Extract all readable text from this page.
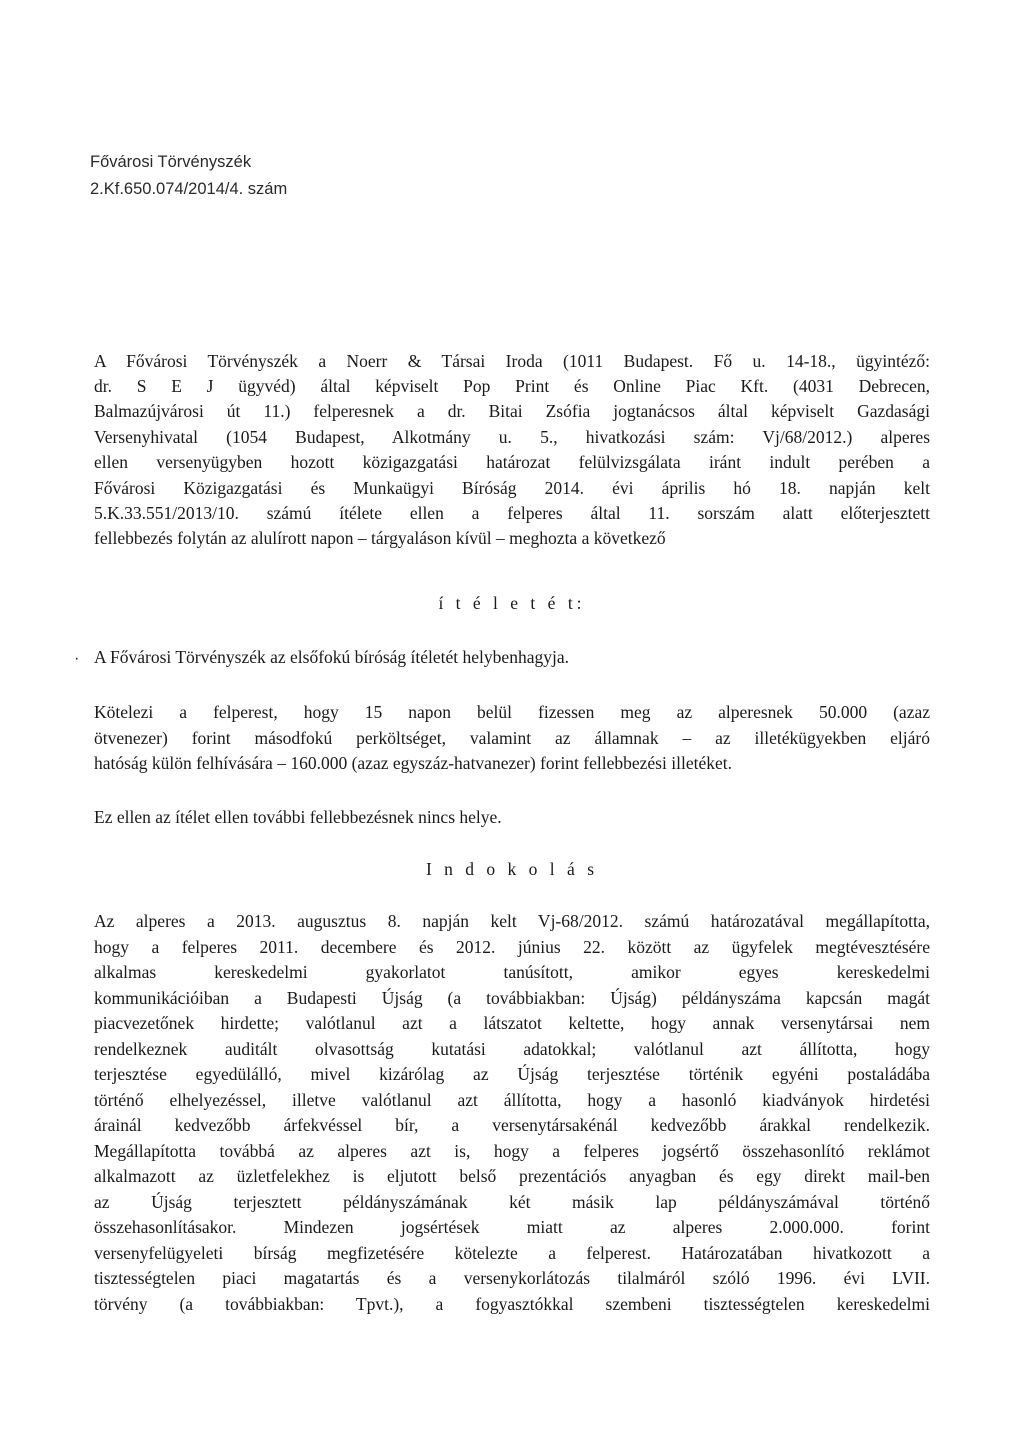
Fővárosi Törvényszék
2.Kf.650.074/2014/4. szám
A Fővárosi Törvényszék a Noerr & Társai Iroda (1011 Budapest. Fő u. 14-18., ügyintéző:
dr. S E J ügyvéd) által képviselt Pop Print és Online Piac Kft. (4031 Debrecen,
Balmazújvárosi út 11.) felperesnek a dr. Bitai Zsófia jogtanácsos által képviselt Gazdasági
Versenyhivatal (1054 Budapest, Alkotmány u. 5., hivatkozási szám: Vj/68/2012.) alperes
ellen versenyügyben hozott közigazgatási határozat felülvizsgálata iránt indult perében a
Fővárosi Közigazgatási és Munkaügyi Bíróság 2014. évi április hó 18. napján kelt
5.K.33.551/2013/10. számú ítélete ellen a felperes által 11. sorszám alatt előterjesztett
fellebbezés folytán az alulírott napon – tárgyaláson kívül – meghozta a következő
í t é l e t é t:
· A Fővárosi Törvényszék az elsőfokú bíróság ítéletét helybenhagyja.
Kötelezi a felperest, hogy 15 napon belül fizessen meg az alperesnek 50.000 (azaz
ötvenezer) forint másodfokú perköltséget, valamint az államnak – az illetékügyekben eljáró
hatóság külön felhívására – 160.000 (azaz egyszáz-hatvanezer) forint fellebbezési illetéket.
Ez ellen az ítélet ellen további fellebbezésnek nincs helye.
I n d o k o l á s
Az alperes a 2013. augusztus 8. napján kelt Vj-68/2012. számú határozatával megállapította,
hogy a felperes 2011. decembere és 2012. június 22. között az ügyfelek megtévesztésére
alkalmas kereskedelmi gyakorlatot tanúsított, amikor egyes kereskedelmi
kommunikációiban a Budapesti Újság (a továbbiakban: Újság) példányszáma kapcsán magát
piacvezetőnek hirdette; valótlanul azt a látszatot keltette, hogy annak versenytársai nem
rendelkeznek auditált olvasottság kutatási adatokkal; valótlanul azt állította, hogy
terjesztése egyedülálló, mivel kizárólag az Újság terjesztése történik egyéni postaládába
történő elhelyezéssel, illetve valótlanul azt állította, hogy a hasonló kiadványok hirdetési
árainál kedvezőbb árfekvéssel bír, a versenytársakénál kedvezőbb árakkal rendelkezik.
Megállapította továbbá az alperes azt is, hogy a felperes jogsértő összehasonlító reklámot
alkalmazott az üzletfelekhez is eljutott belső prezentációs anyagban és egy direkt mail-ben
az Újság terjesztett példányszámának két másik lap példányszámával történő
összehasonlításakor. Mindezen jogsértések miatt az alperes 2.000.000. forint
versenyfelügyeleti bírság megfizetésére kötelezte a felperest. Határozatában hivatkozott a
tisztességtelen piaci magatartás és a versenykorlátozás tilalmáról szóló 1996. évi LVII.
törvény (a továbbiakban: Tpvt.), a fogyasztókkal szembeni tisztességtelen kereskedelmi
